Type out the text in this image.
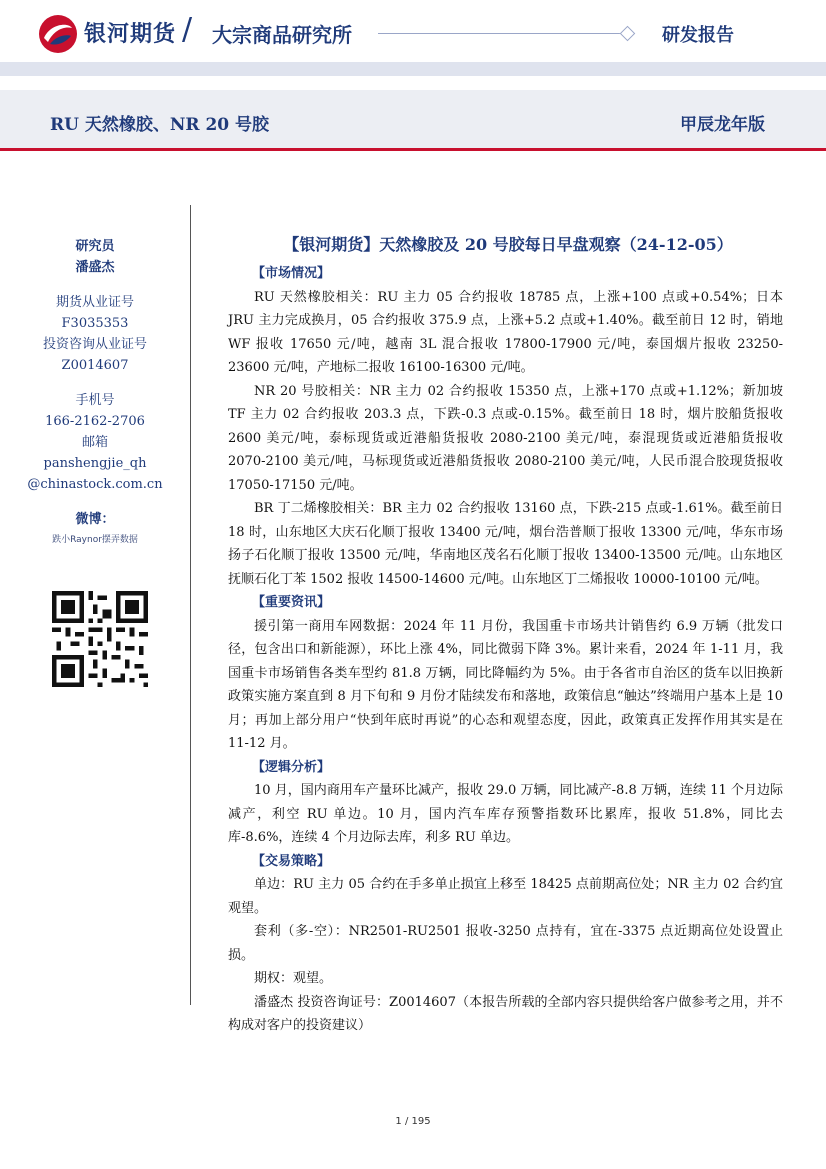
银河期货 / 大宗商品研究所	研发报告
RU 天然橡胶、NR 20 号胶	甲辰龙年版
研究员
潘盛杰
期货从业证号
F3035353
投资咨询从业证号
Z0014607
手机号
166-2162-2706
邮箱
panshengjie_qh
@chinastock.com.cn
微博：
跌小Raynor摆弄数据
【银河期货】天然橡胶及 20 号胶每日早盘观察（24-12-05）

【市场情况】

RU 天然橡胶相关：RU 主力 05 合约报收 18785 点，上涨+100 点或+0.54%；日本 JRU 主力完成换月，05 合约报收 375.9 点，上涨+5.2 点或+1.40%。截至前日 12 时，销地 WF 报收 17650 元/吨，越南 3L 混合报收 17800-17900 元/吨，泰国烟片报收 23250-23600 元/吨，产地标二报收 16100-16300 元/吨。

NR 20 号胶相关：NR 主力 02 合约报收 15350 点，上涨+170 点或+1.12%；新加坡 TF 主力 02 合约报收 203.3 点，下跌-0.3 点或-0.15%。截至前日 18 时，烟片胶船货报收 2600 美元/吨，泰标现货或近港船货报收 2080-2100 美元/吨，泰混现货或近港船货报收 2070-2100 美元/吨，马标现货或近港船货报收 2080-2100 美元/吨，人民币混合胶现货报收 17050-17150 元/吨。

BR 丁二烯橡胶相关：BR 主力 02 合约报收 13160 点，下跌-215 点或-1.61%。截至前日 18 时，山东地区大庆石化顺丁报收 13400 元/吨，烟台浩普顺丁报收 13300 元/吨，华东市场扬子石化顺丁报收 13500 元/吨，华南地区茂名石化顺丁报收 13400-13500 元/吨。山东地区抚顺石化丁苯 1502 报收 14500-14600 元/吨。山东地区丁二烯报收 10000-10100 元/吨。

【重要资讯】

援引第一商用车网数据：2024 年 11 月份，我国重卡市场共计销售约 6.9 万辆（批发口径，包含出口和新能源），环比上涨 4%，同比微弱下降 3%。累计来看，2024 年 1-11 月，我国重卡市场销售各类车型约 81.8 万辆，同比降幅约为 5%。由于各省市自治区的货车以旧换新政策实施方案直到 8 月下旬和 9 月份才陆续发布和落地，政策信息“触达”终端用户基本上是 10 月；再加上部分用户“快到年底时再说”的心态和观望态度，因此，政策真正发挥作用其实是在 11-12 月。

【逻辑分析】

10 月，国内商用车产量环比减产，报收 29.0 万辆，同比减产-8.8 万辆，连续 11 个月边际减产，利空 RU 单边。10 月，国内汽车库存预警指数环比累库，报收 51.8%，同比去库-8.6%，连续 4 个月边际去库，利多 RU 单边。

【交易策略】

单边：RU 主力 05 合约在手多单止损宜上移至 18425 点前期高位处；NR 主力 02 合约宜观望。

套利（多-空）：NR2501-RU2501 报收-3250 点持有，宜在-3375 点近期高位处设置止损。

期权：观望。

潘盛杰 投资咨询证号：Z0014607（本报告所载的全部内容只提供给客户做参考之用，并不构成对客户的投资建议）

1 / 195
